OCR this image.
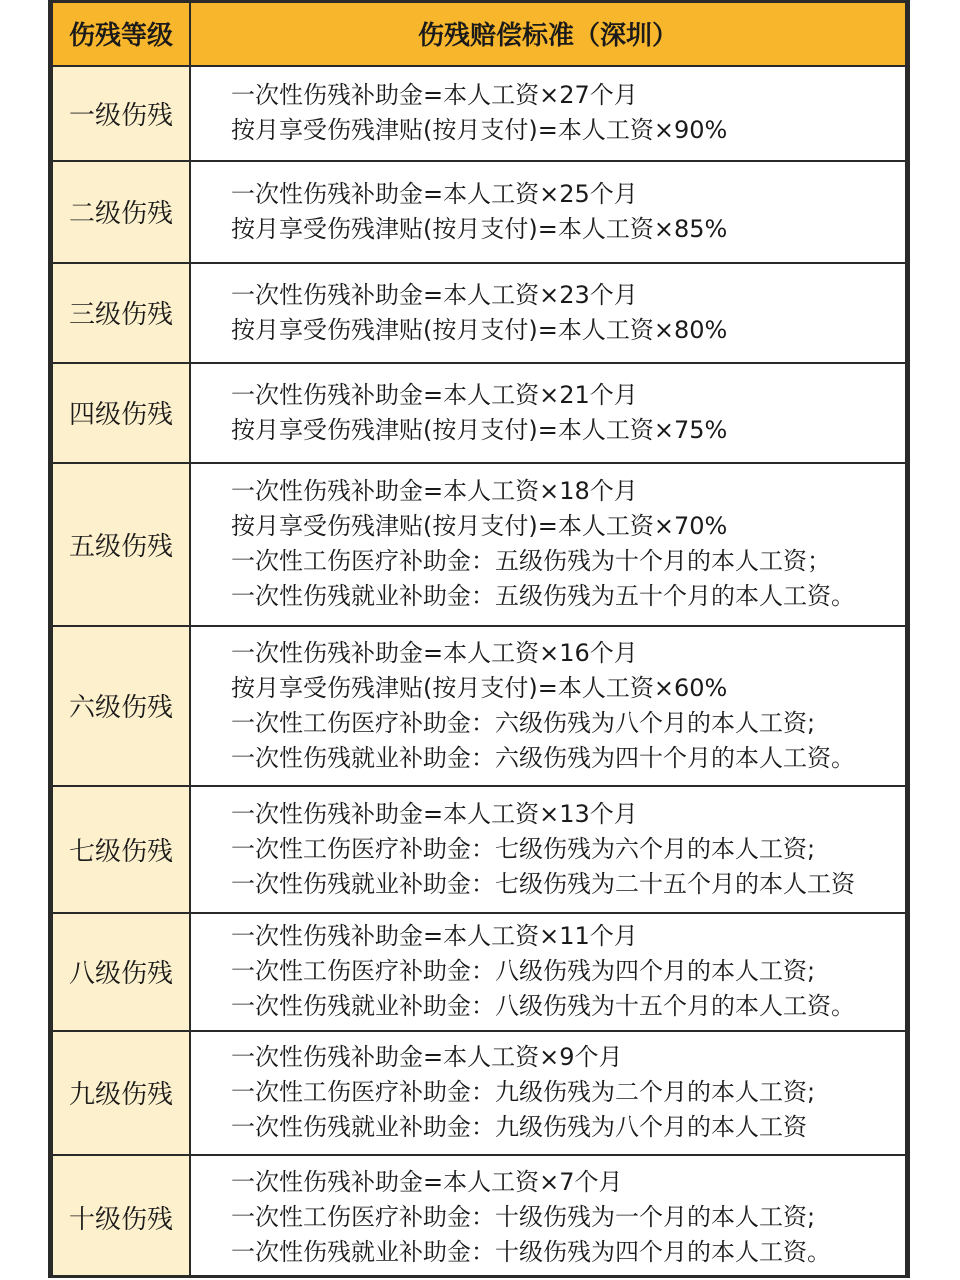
伤残等级	伤残赔偿标准（深圳）
一级伤残	一次性伤残补助金=本人工资×27个月
按月享受伤残津贴(按月支付)=本人工资×90%

二级伤残	一次性伤残补助金=本人工资×25个月
按月享受伤残津贴(按月支付)=本人工资×85%

三级伤残	一次性伤残补助金=本人工资×23个月
按月享受伤残津贴(按月支付)=本人工资×80%

四级伤残	一次性伤残补助金=本人工资×21个月
按月享受伤残津贴(按月支付)=本人工资×75%

五级伤残	一次性伤残补助金=本人工资×18个月
按月享受伤残津贴(按月支付)=本人工资×70%
一次性工伤医疗补助金：五级伤残为十个月的本人工资；
一次性伤残就业补助金：五级伤残为五十个月的本人工资。

六级伤残	一次性伤残补助金=本人工资×16个月
按月享受伤残津贴(按月支付)=本人工资×60%
一次性工伤医疗补助金：六级伤残为八个月的本人工资;
一次性伤残就业补助金：六级伤残为四十个月的本人工资。

七级伤残	一次性伤残补助金=本人工资×13个月
一次性工伤医疗补助金：七级伤残为六个月的本人工资;
一次性伤残就业补助金：七级伤残为二十五个月的本人工资

八级伤残	一次性伤残补助金=本人工资×11个月
一次性工伤医疗补助金：八级伤残为四个月的本人工资;
一次性伤残就业补助金：八级伤残为十五个月的本人工资。

九级伤残	一次性伤残补助金=本人工资×9个月
一次性工伤医疗补助金：九级伤残为二个月的本人工资;
一次性伤残就业补助金：九级伤残为八个月的本人工资

十级伤残	一次性伤残补助金=本人工资×7个月
一次性工伤医疗补助金：十级伤残为一个月的本人工资;
一次性伤残就业补助金：十级伤残为四个月的本人工资。
